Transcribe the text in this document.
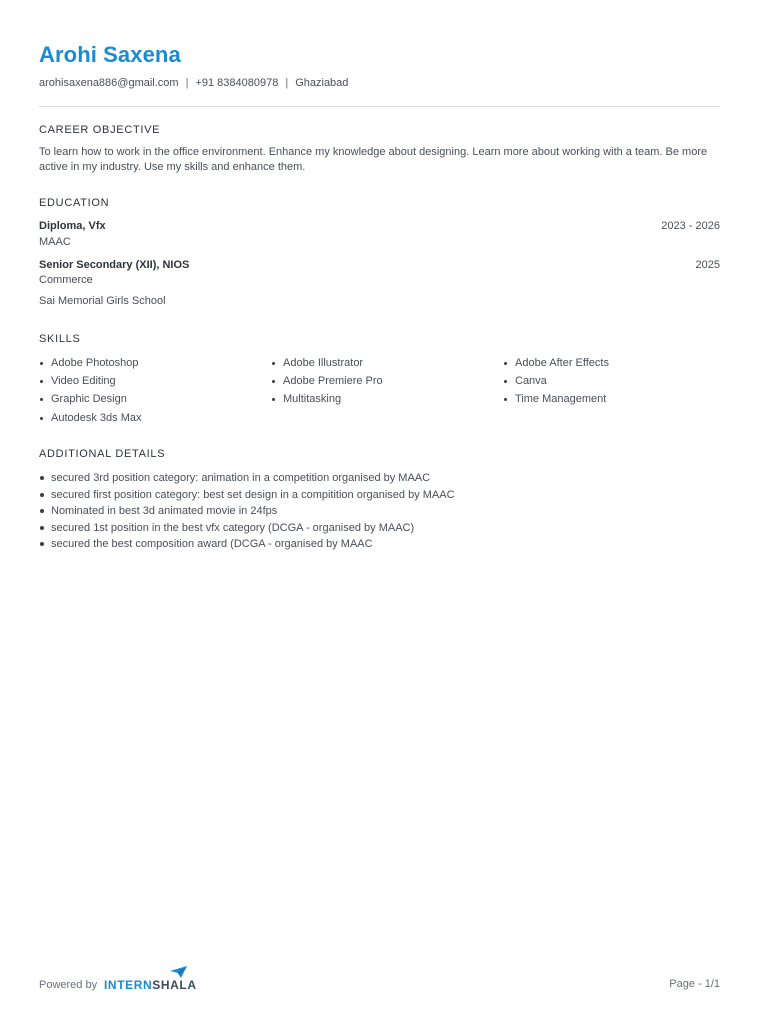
Arohi Saxena
arohisaxena886@gmail.com | +91 8384080978 | Ghaziabad
CAREER OBJECTIVE
To learn how to work in the office environment. Enhance my knowledge about designing. Learn more about working with a team. Be more active in my industry. Use my skills and enhance them.
EDUCATION
Diploma, Vfx	2023 - 2026
MAAC
Senior Secondary (XII), NIOS	2025
Commerce
Sai Memorial Girls School
SKILLS
Adobe Photoshop	Adobe Illustrator	Adobe After Effects
Video Editing	Adobe Premiere Pro	Canva
Graphic Design	Multitasking	Time Management
Autodesk 3ds Max
ADDITIONAL DETAILS
secured 3rd position category: animation in a competition organised by MAAC
secured first position category: best set design in a compitition organised by MAAC
Nominated in best 3d animated movie in 24fps
secured 1st position in the best vfx category (DCGA - organised by MAAC)
secured the best composition award (DCGA - organised by MAAC
Powered by INTERNSHALA	Page - 1/1
